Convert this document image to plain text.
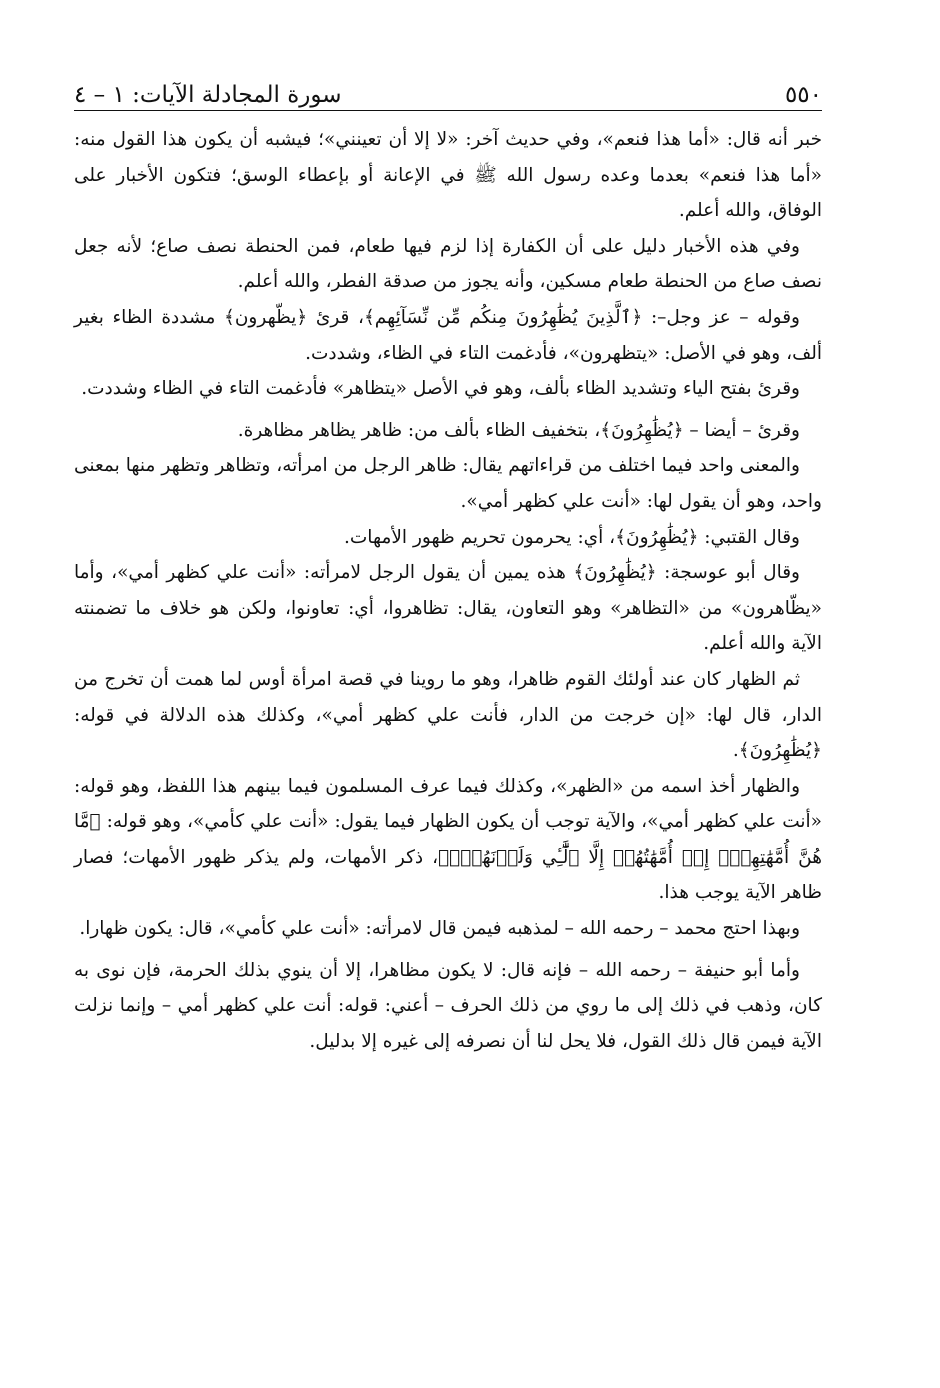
٥٥٠
سورة المجادلة الآيات: ١ – ٤

خبر أنه قال: «أما هذا فنعم»، وفي حديث آخر: «لا إلا أن تعينني»؛ فيشبه أن يكون هذا القول منه: «أما هذا فنعم» بعدما وعده رسول الله ﷺ في الإعانة أو بإعطاء الوسق؛ فتكون الأخبار على الوفاق، والله أعلم.

وفي هذه الأخبار دليل على أن الكفارة إذا لزم فيها طعام، فمن الحنطة نصف صاع؛ لأنه جعل نصف صاع من الحنطة طعام مسكين، وأنه يجوز من صدقة الفطر، والله أعلم.

وقوله – عز وجل–: ﴿ٱلَّذِينَ يُظَٰهِرُونَ مِنكُم مِّن نِّسَآئِهِم﴾، قرئ ﴿يظّهرون﴾ مشددة الظاء بغير ألف، وهو في الأصل: «يتظهرون»، فأدغمت التاء في الظاء، وشددت.

وقرئ بفتح الياء وتشديد الظاء بألف، وهو في الأصل «يتظاهر» فأدغمت التاء في الظاء وشددت.

وقرئ – أيضا – ﴿يُظَٰهِرُونَ﴾، بتخفيف الظاء بألف من: ظاهر يظاهر مظاهرة.

والمعنى واحد فيما اختلف من قراءاتهم يقال: ظاهر الرجل من امرأته، وتظاهر وتظهر منها بمعنى واحد، وهو أن يقول لها: «أنت علي كظهر أمي».

وقال القتبي: ﴿يُظَٰهِرُونَ﴾، أي: يحرمون تحريم ظهور الأمهات.

وقال أبو عوسجة: ﴿يُظَٰهِرُونَ﴾ هذه يمين أن يقول الرجل لامرأته: «أنت علي كظهر أمي»، وأما «يظّاهرون» من «التظاهر» وهو التعاون، يقال: تظاهروا، أي: تعاونوا، ولكن هو خلاف ما تضمنته الآية والله أعلم.

ثم الظهار كان عند أولئك القوم ظاهرا، وهو ما روينا في قصة امرأة أوس لما همت أن تخرج من الدار، قال لها: «إن خرجت من الدار، فأنت علي كظهر أمي»، وكذلك هذه الدلالة في قوله: ﴿يُظَٰهِرُونَ﴾.

والظهار أخذ اسمه من «الظهر»، وكذلك فيما عرف المسلمون فيما بينهم هذا اللفظ، وهو قوله: «أنت علي كظهر أمي»، والآية توجب أن يكون الظهار فيما يقول: «أنت علي كأمي»، وهو قوله: ﴿مَّا هُنَّ أُمَّهَٰتِهِمۡۖ إِنۡ أُمَّهَٰتُهُمۡ إِلَّا ٱلَّٰٓـِٔي وَلَدۡنَهُمۡۚ﴾، ذكر الأمهات، ولم يذكر ظهور الأمهات؛ فصار ظاهر الآية يوجب هذا.

وبهذا احتج محمد – رحمه الله – لمذهبه فيمن قال لامرأته: «أنت علي كأمي»، قال: يكون ظهارا.

وأما أبو حنيفة – رحمه الله – فإنه قال: لا يكون مظاهرا، إلا أن ينوي بذلك الحرمة، فإن نوى به كان، وذهب في ذلك إلى ما روي من ذلك الحرف – أعني: قوله: أنت علي كظهر أمي – وإنما نزلت الآية فيمن قال ذلك القول، فلا يحل لنا أن نصرفه إلى غيره إلا بدليل.
